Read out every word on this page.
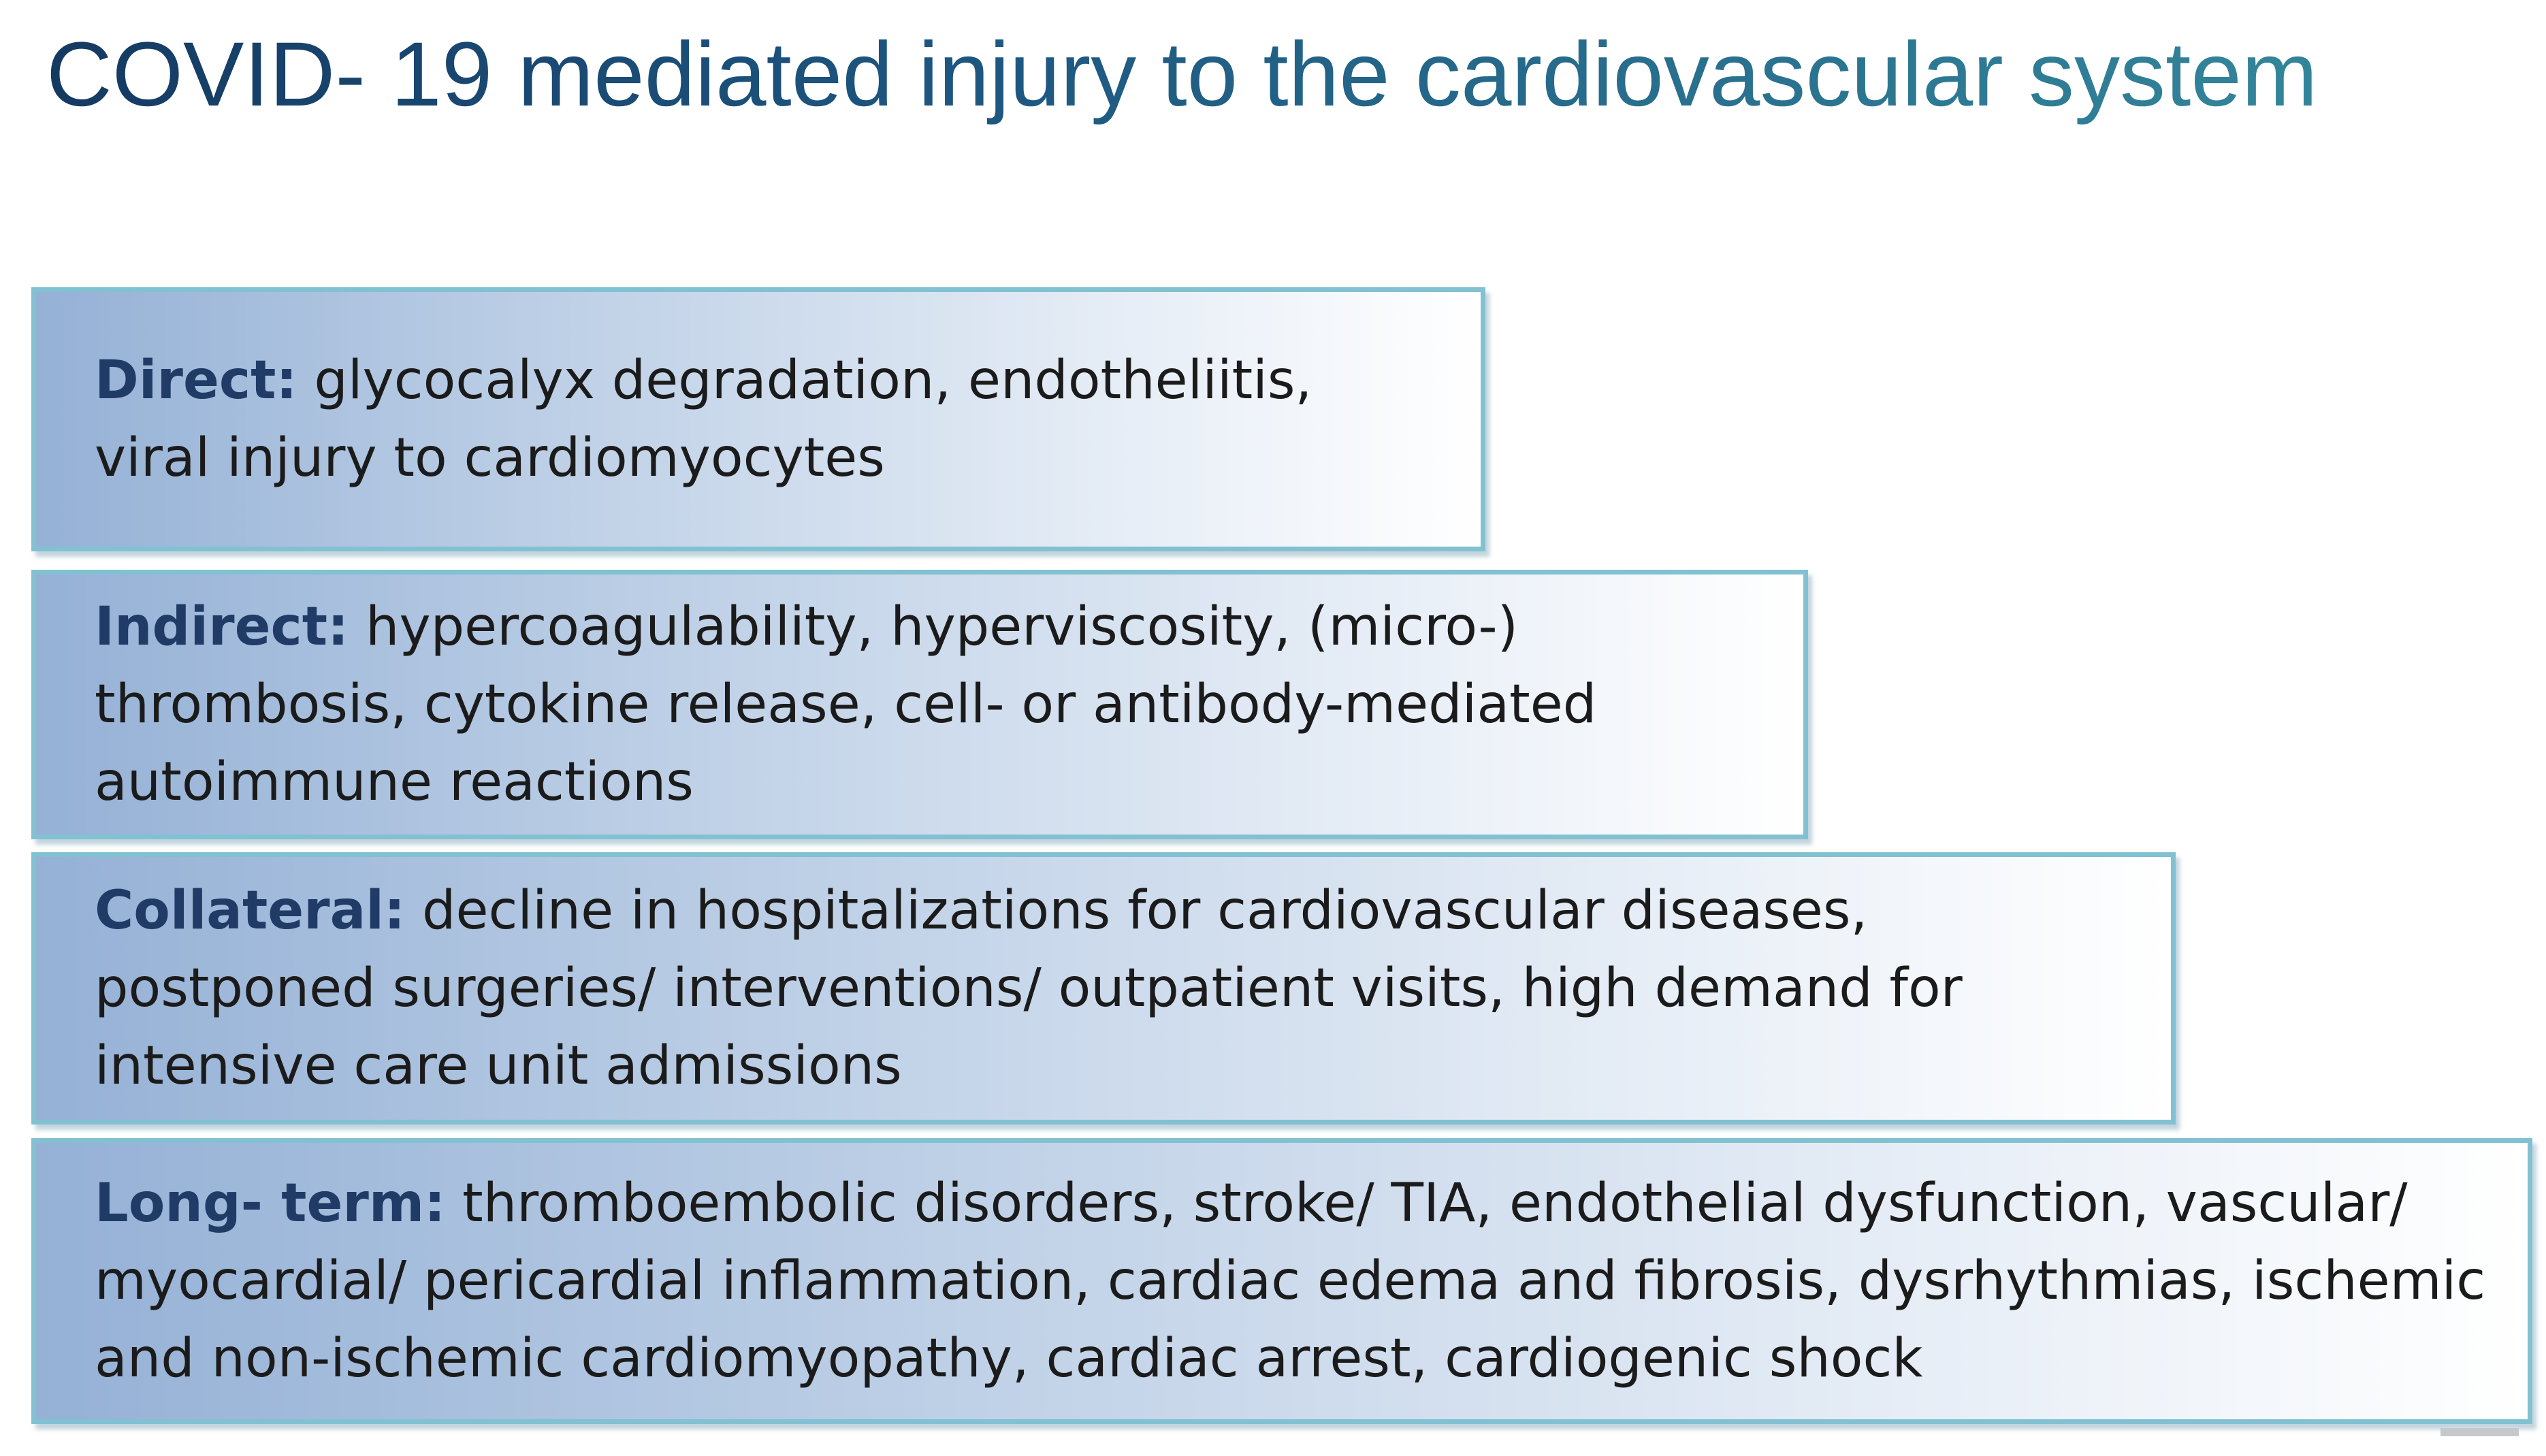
COVID- 19 mediated injury to the cardiovascular system
Direct: glycocalyx degradation, endotheliitis, viral injury to cardiomyocytes
Indirect: hypercoagulability, hyperviscosity, (micro-) thrombosis, cytokine release, cell- or antibody-mediated autoimmune reactions
Collateral: decline in hospitalizations for cardiovascular diseases, postponed surgeries/ interventions/ outpatient visits, high demand for intensive care unit admissions
Long- term: thromboembolic disorders, stroke/ TIA, endothelial dysfunction, vascular/ myocardial/ pericardial inflammation, cardiac edema and fibrosis, dysrhythmias, ischemic and non-ischemic cardiomyopathy, cardiac arrest, cardiogenic shock
